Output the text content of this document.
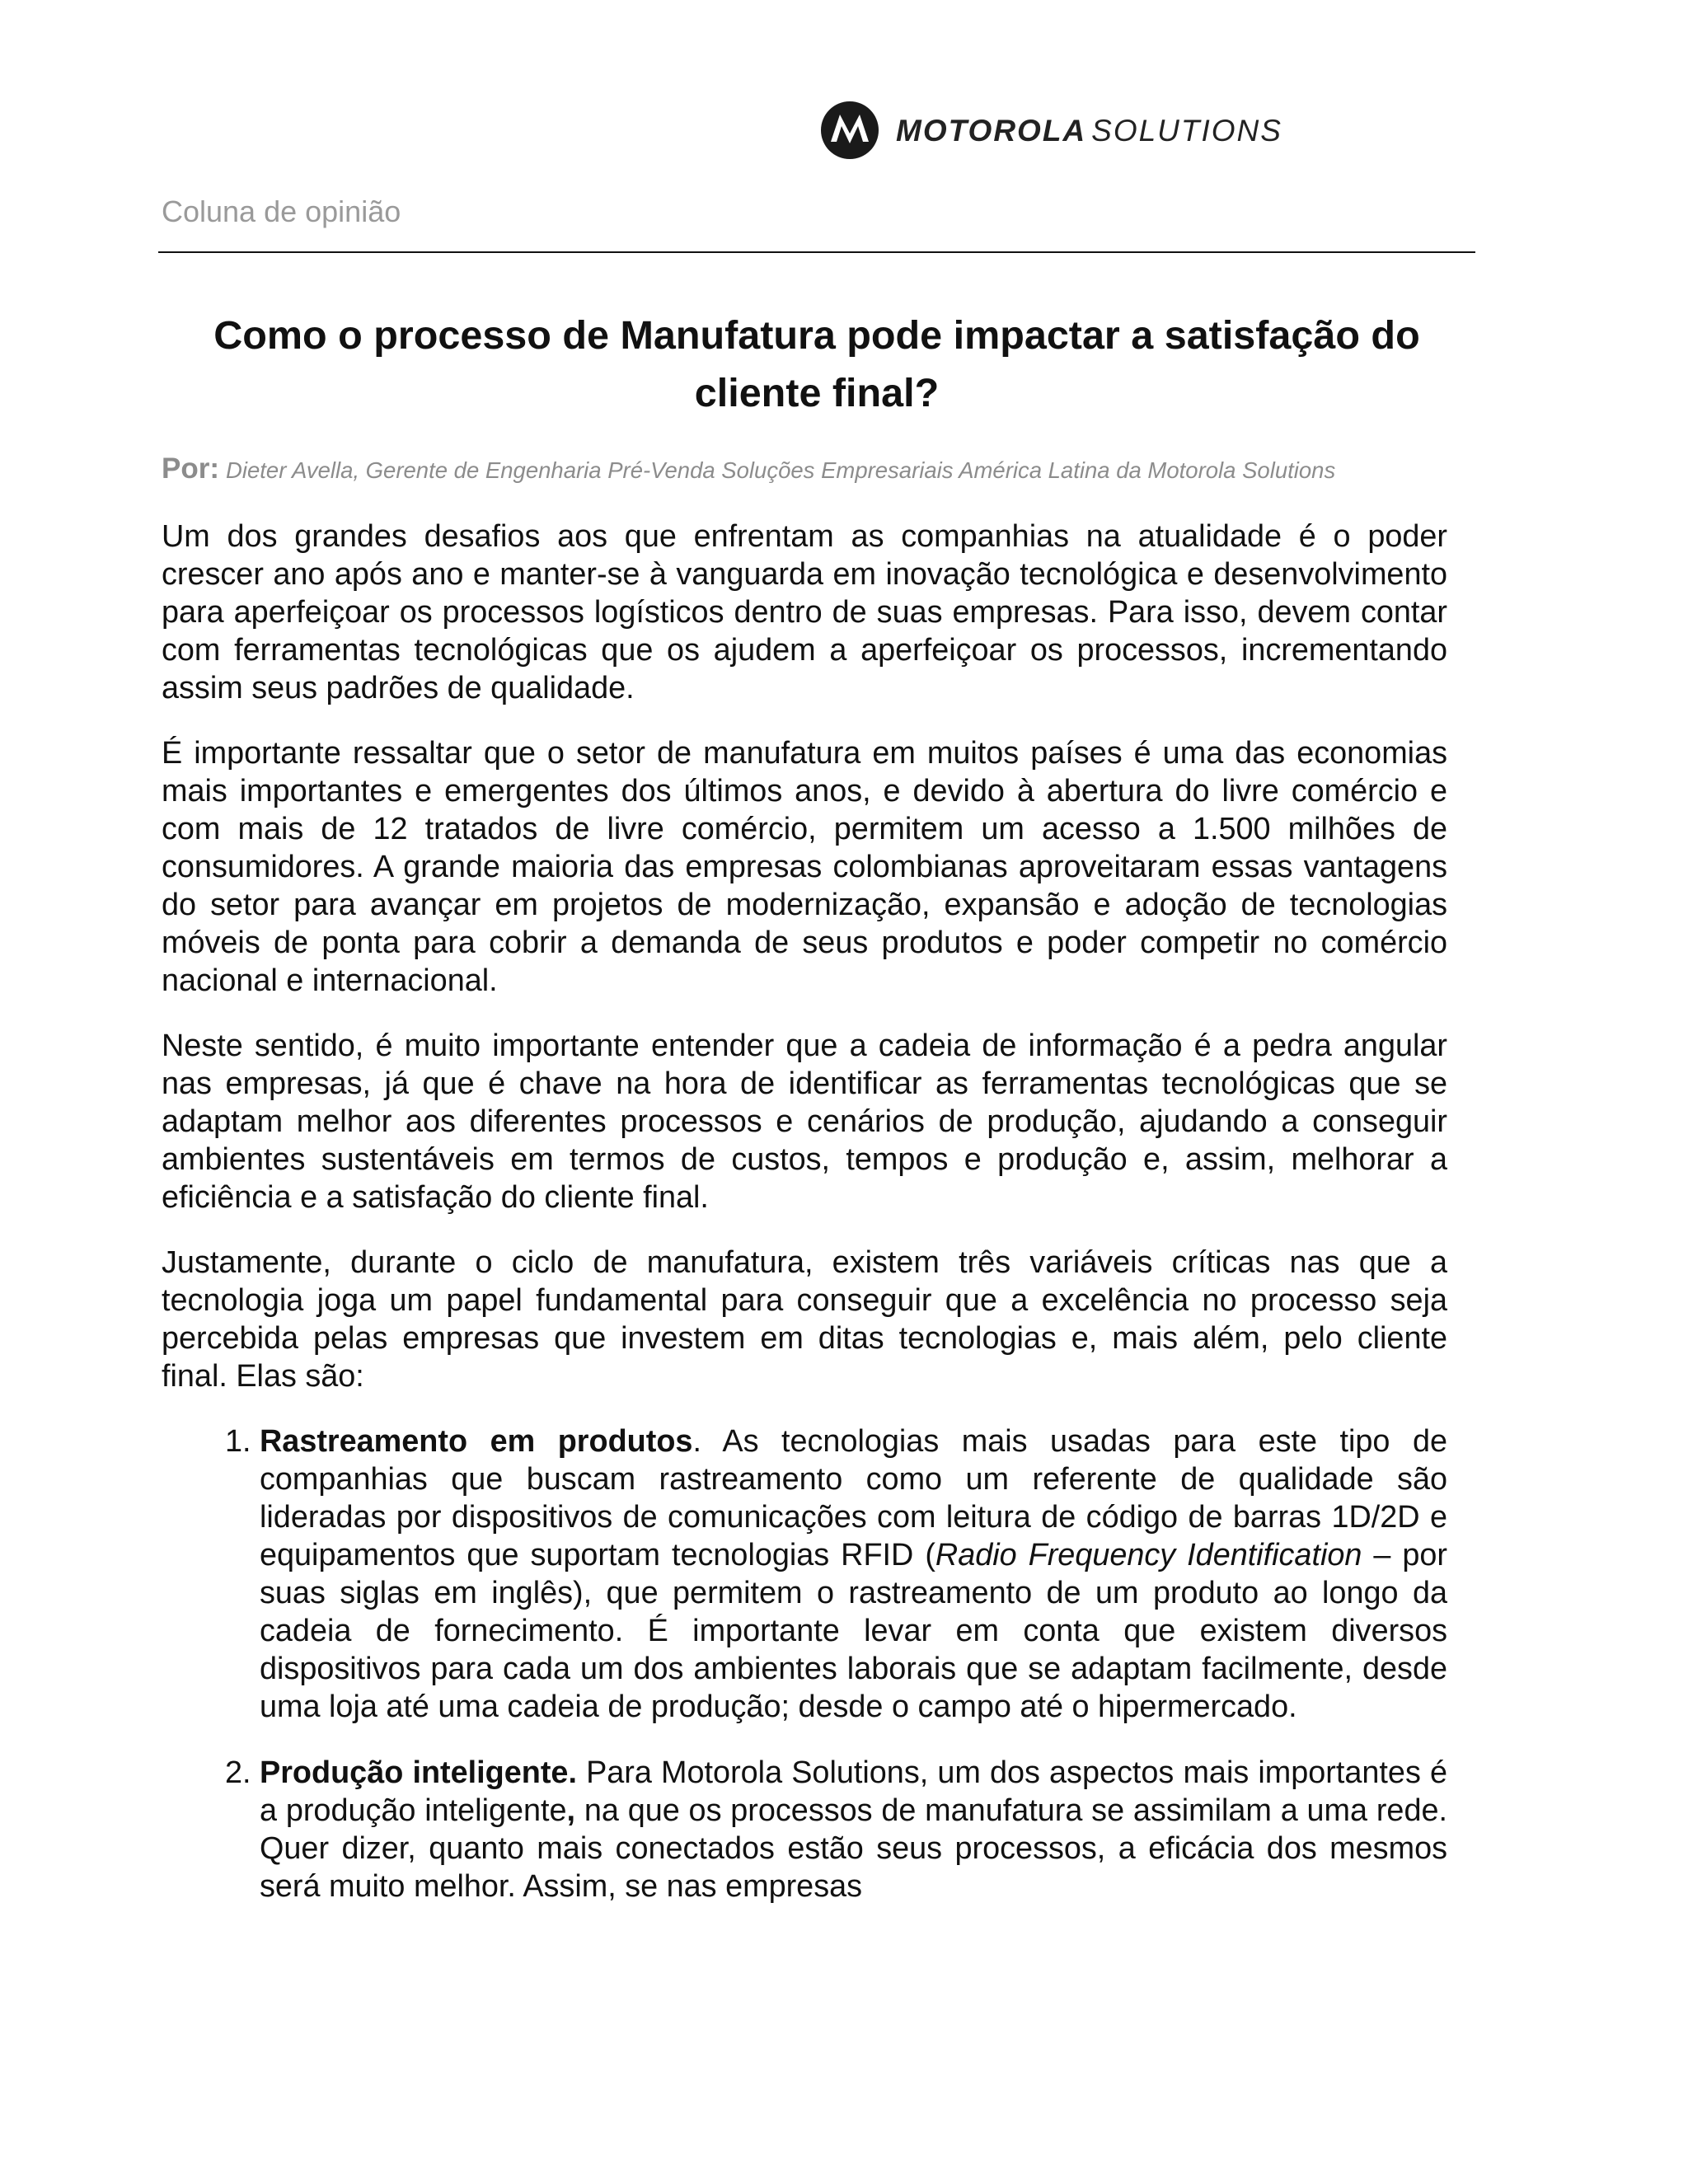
MOTOROLA SOLUTIONS
Coluna de opinião
Como o processo de Manufatura pode impactar a satisfação do cliente final?
Por: Dieter Avella, Gerente de Engenharia Pré-Venda Soluções Empresariais América Latina da Motorola Solutions

Um dos grandes desafios aos que enfrentam as companhias na atualidade é o poder crescer ano após ano e manter-se à vanguarda em inovação tecnológica e desenvolvimento para aperfeiçoar os processos logísticos dentro de suas empresas. Para isso, devem contar com ferramentas tecnológicas que os ajudem a aperfeiçoar os processos, incrementando assim seus padrões de qualidade.

É importante ressaltar que o setor de manufatura em muitos países é uma das economias mais importantes e emergentes dos últimos anos, e devido à abertura do livre comércio e com mais de 12 tratados de livre comércio, permitem um acesso a 1.500 milhões de consumidores. A grande maioria das empresas colombianas aproveitaram essas vantagens do setor para avançar em projetos de modernização, expansão e adoção de tecnologias móveis de ponta para cobrir a demanda de seus produtos e poder competir no comércio nacional e internacional.

Neste sentido, é muito importante entender que a cadeia de informação é a pedra angular nas empresas, já que é chave na hora de identificar as ferramentas tecnológicas que se adaptam melhor aos diferentes processos e cenários de produção, ajudando a conseguir ambientes sustentáveis em termos de custos, tempos e produção e, assim, melhorar a eficiência e a satisfação do cliente final.

Justamente, durante o ciclo de manufatura, existem três variáveis críticas nas que a tecnologia joga um papel fundamental para conseguir que a excelência no processo seja percebida pelas empresas que investem em ditas tecnologias e, mais além, pelo cliente final. Elas são:

1. Rastreamento em produtos. As tecnologias mais usadas para este tipo de companhias que buscam rastreamento como um referente de qualidade são lideradas por dispositivos de comunicações com leitura de código de barras 1D/2D e equipamentos que suportam tecnologias RFID (Radio Frequency Identification – por suas siglas em inglês), que permitem o rastreamento de um produto ao longo da cadeia de fornecimento. É importante levar em conta que existem diversos dispositivos para cada um dos ambientes laborais que se adaptam facilmente, desde uma loja até uma cadeia de produção; desde o campo até o hipermercado.
2. Produção inteligente. Para Motorola Solutions, um dos aspectos mais importantes é a produção inteligente, na que os processos de manufatura se assimilam a uma rede. Quer dizer, quanto mais conectados estão seus processos, a eficácia dos mesmos será muito melhor. Assim, se nas empresas
